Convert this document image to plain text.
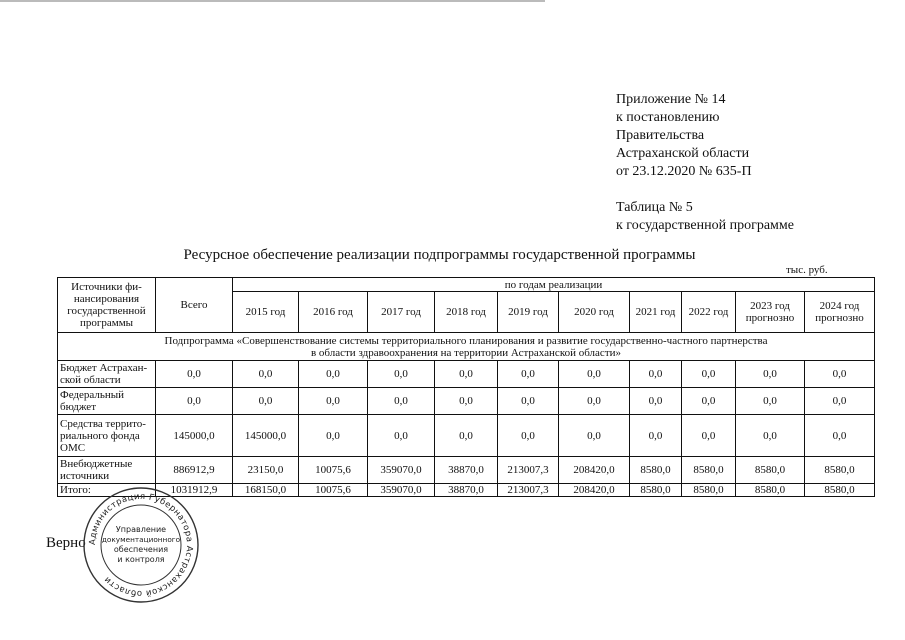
Приложение № 14
к постановлению
Правительства
Астраханской области
от 23.12.2020 № 635-П
Таблица № 5
к государственной программе
Ресурсное обеспечение реализации подпрограммы государственной программы
тыс. руб.
Источники фи-нансирования государственной программы	Всего	по годам реализации									
		2015 год	2016 год	2017 год	2018 год	2019 год	2020 год	2021 год	2022 год	2023 год прогнозно	2024 год прогнозно

Подпрограмма «Совершенствование системы территориального планирования и развитие государственно-частного партнерства
в области здравоохранения на территории Астраханской области»											

Бюджет Астрахан-ской области	0,0	0,0	0,0	0,0	0,0	0,0	0,0	0,0	0,0	0,0	0,0
Федеральный бюджет	0,0	0,0	0,0	0,0	0,0	0,0	0,0	0,0	0,0	0,0	0,0
Средства террито-риального фонда ОМС	145000,0	145000,0	0,0	0,0	0,0	0,0	0,0	0,0	0,0	0,0	0,0
Внебюджетные источники	886912,9	23150,0	10075,6	359070,0	38870,0	213007,3	208420,0	8580,0	8580,0	8580,0	8580,0
Итого:	1031912,9	168150,0	10075,6	359070,0	38870,0	213007,3	208420,0	8580,0	8580,0	8580,0	8580,0
Верно Администрация Губернатора Астраханской области
Управление
документационного
обеспечения
и контроля
